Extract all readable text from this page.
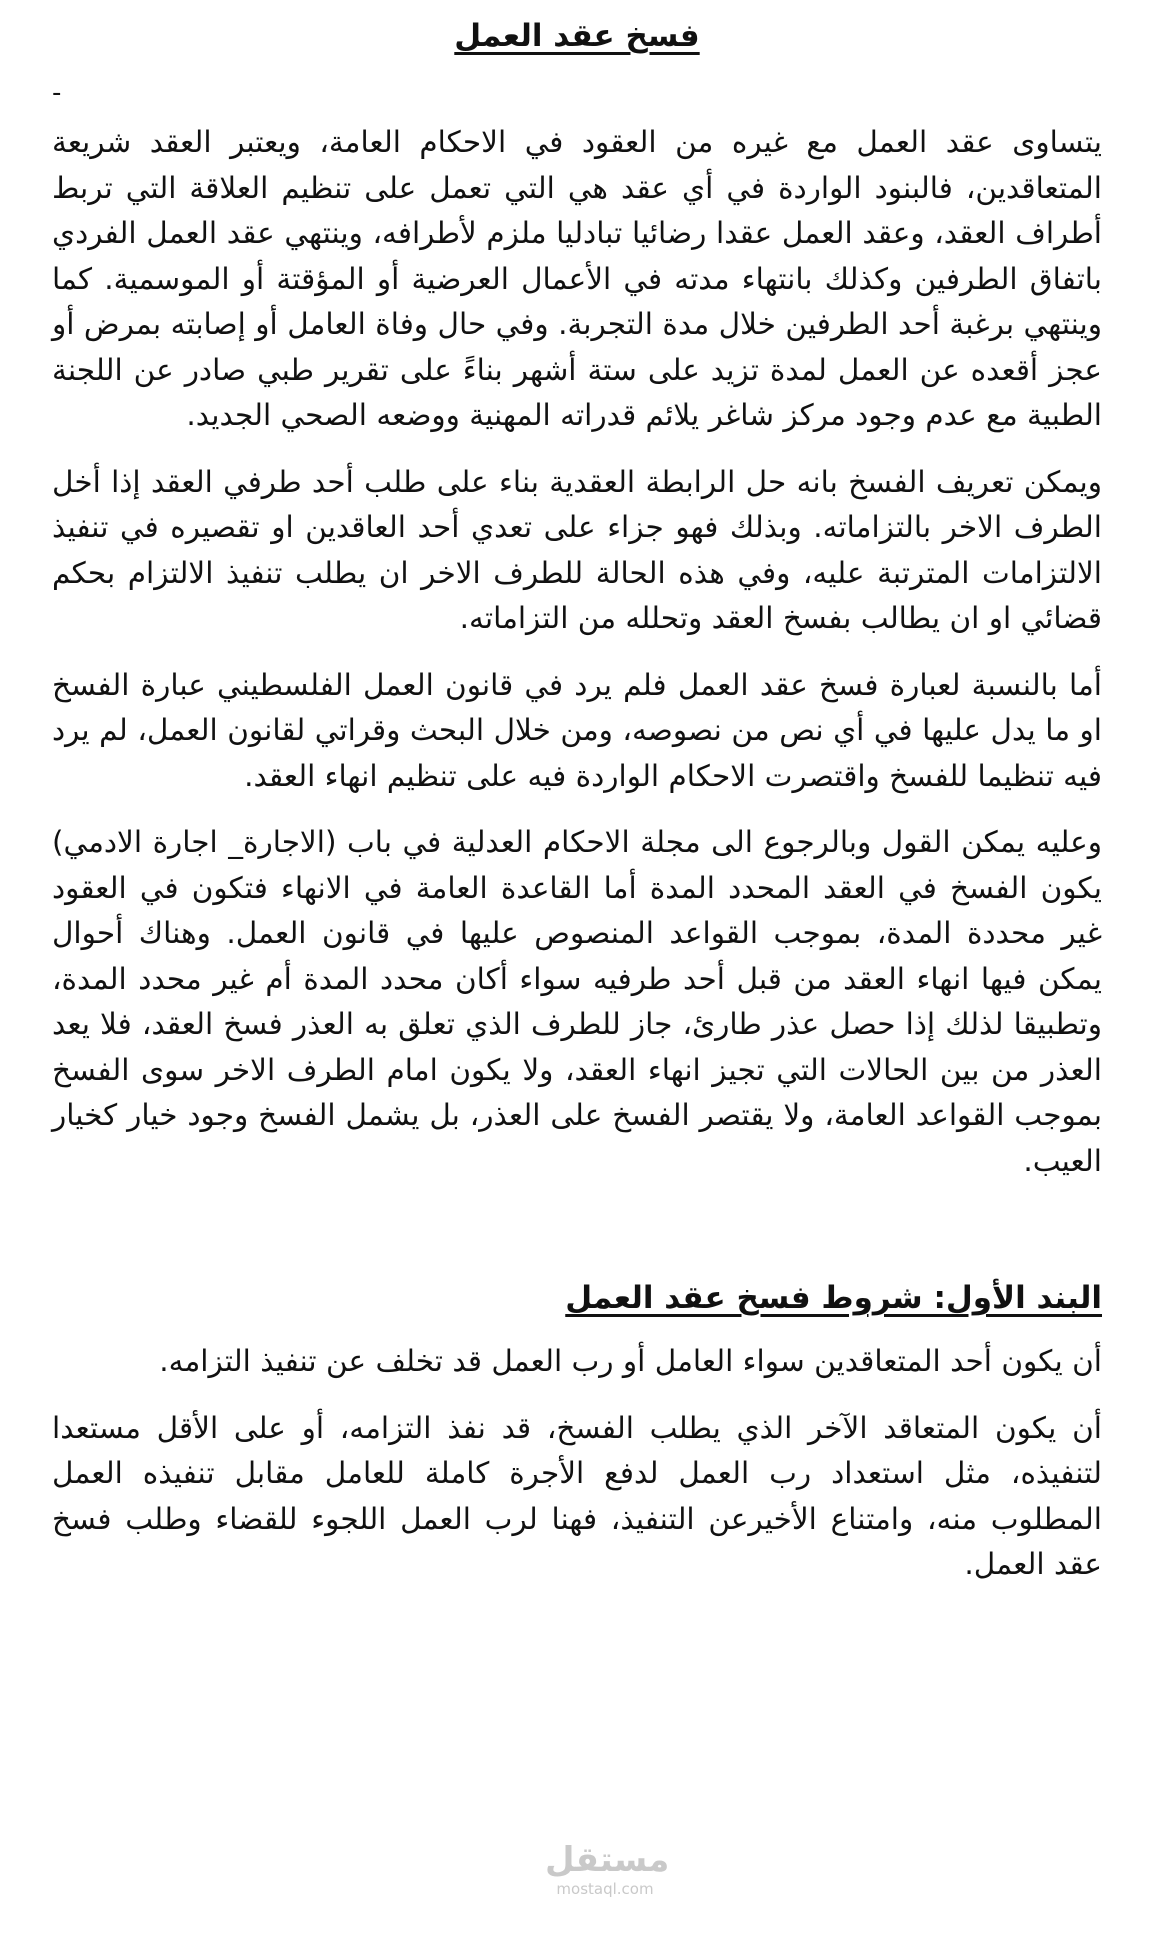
فسخ عقد العمل
-

يتساوى عقد العمل مع غيره من العقود في الاحكام العامة، ويعتبر العقد شريعة المتعاقدين، فالبنود الواردة في أي عقد هي التي تعمل على تنظيم العلاقة التي تربط أطراف العقد، وعقد العمل عقدا رضائيا تبادليا ملزم لأطرافه، وينتهي عقد العمل الفردي باتفاق الطرفين وكذلك بانتهاء مدته في الأعمال العرضية أو المؤقتة أو الموسمية. كما وينتهي برغبة أحد الطرفين خلال مدة التجربة. وفي حال وفاة العامل أو إصابته بمرض أو عجز أقعده عن العمل لمدة تزيد على ستة أشهر بناءً على تقرير طبي صادر عن اللجنة الطبية مع عدم وجود مركز شاغر يلائم قدراته المهنية ووضعه الصحي الجديد.

ويمكن تعريف الفسخ بانه حل الرابطة العقدية بناء على طلب أحد طرفي العقد إذا أخل الطرف الاخر بالتزاماته. وبذلك فهو جزاء على تعدي أحد العاقدين او تقصيره في تنفيذ الالتزامات المترتبة عليه، وفي هذه الحالة للطرف الاخر ان يطلب تنفيذ الالتزام بحكم قضائي او ان يطالب بفسخ العقد وتحلله من التزاماته.

أما بالنسبة لعبارة فسخ عقد العمل فلم يرد في قانون العمل الفلسطيني عبارة الفسخ او ما يدل عليها في أي نص من نصوصه، ومن خلال البحث وقراتي لقانون العمل، لم يرد فيه تنظيما للفسخ واقتصرت الاحكام الواردة فيه على تنظيم انهاء العقد.

وعليه يمكن القول وبالرجوع الى مجلة الاحكام العدلية في باب (الاجارة_ اجارة الادمي) يكون الفسخ في العقد المحدد المدة أما القاعدة العامة في الانهاء فتكون في العقود غير محددة المدة، بموجب القواعد المنصوص عليها في قانون العمل. وهناك أحوال يمكن فيها انهاء العقد من قبل أحد طرفيه سواء أكان محدد المدة أم غير محدد المدة، وتطبيقا لذلك إذا حصل عذر طارئ، جاز للطرف الذي تعلق به العذر فسخ العقد، فلا يعد العذر من بين الحالات التي تجيز انهاء العقد، ولا يكون امام الطرف الاخر سوى الفسخ بموجب القواعد العامة، ولا يقتصر الفسخ على العذر، بل يشمل الفسخ وجود خيار كخيار العيب.

البند الأول: شروط فسخ عقد العمل

أن يكون أحد المتعاقدين سواء العامل أو رب العمل قد تخلف عن تنفيذ التزامه.

أن يكون المتعاقد الآخر الذي يطلب الفسخ، قد نفذ التزامه، أو على الأقل مستعدا لتنفيذه، مثل استعداد رب العمل لدفع الأجرة كاملة للعامل مقابل تنفيذه العمل المطلوب منه، وامتناع الأخيرعن التنفيذ، فهنا لرب العمل اللجوء للقضاء وطلب فسخ عقد العمل.

مستقل
mostaql.com
